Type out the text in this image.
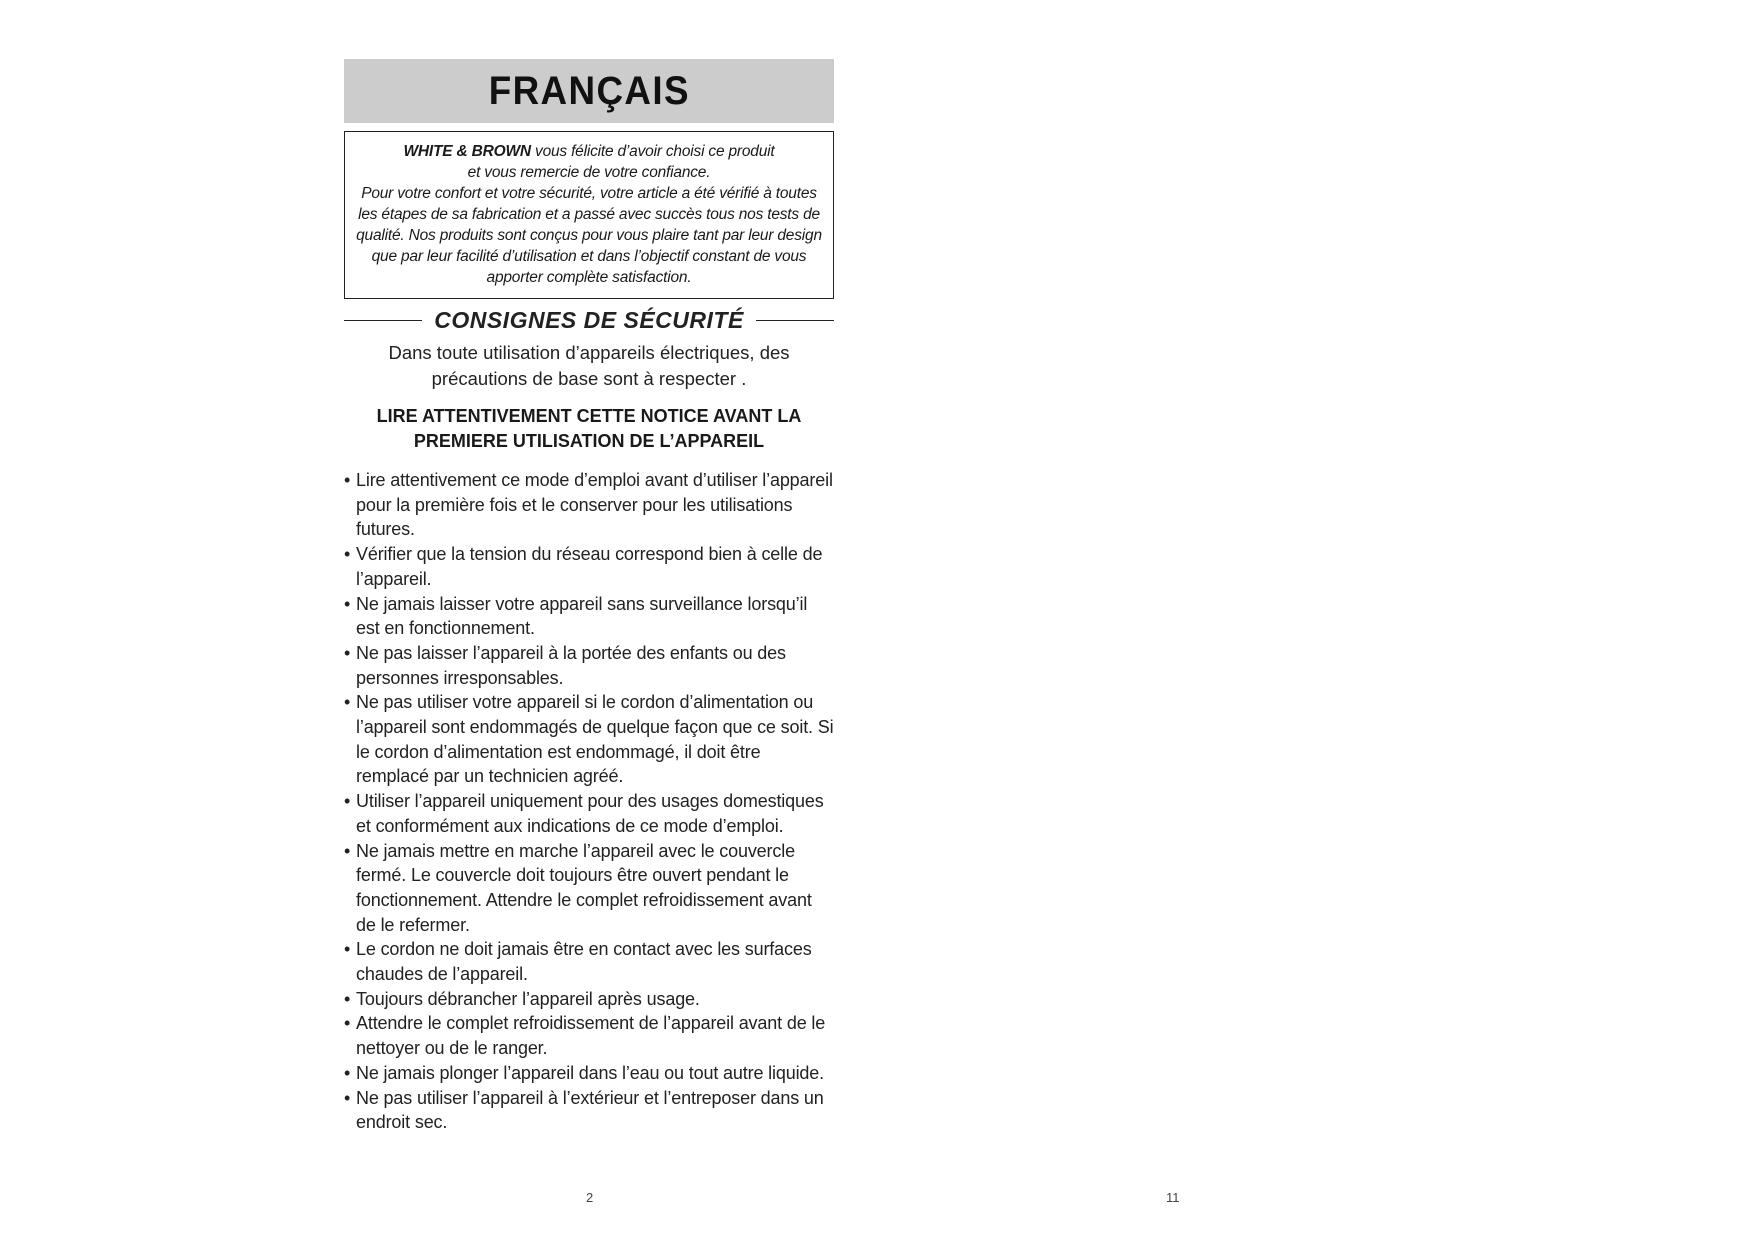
FRANÇAIS

WHITE & BROWN vous félicite d’avoir choisi ce produit

et vous remercie de votre confiance.

Pour votre confort et votre sécurité, votre article a été vérifié à toutes les étapes de sa fabrication et a passé avec succès tous nos tests de qualité. Nos produits sont conçus pour vous plaire tant par leur design que par leur facilité d’utilisation et dans l’objectif constant de vous apporter complète satisfaction.

CONSIGNES DE SÉCURITÉ

Dans toute utilisation d’appareils électriques, des précautions de base sont à respecter .

LIRE ATTENTIVEMENT CETTE NOTICE AVANT LA PREMIERE UTILISATION DE L’APPAREIL

• Lire attentivement ce mode d’emploi avant d’utiliser l’appareil pour la première fois et le conserver pour les utilisations futures.
• Vérifier que la tension du réseau correspond bien à celle de l’appareil.
• Ne jamais laisser votre appareil sans surveillance lorsqu’il est en fonctionnement.
• Ne pas laisser l’appareil à la portée des enfants ou des personnes irresponsables.
• Ne pas utiliser votre appareil si le cordon d’alimentation ou l’appareil sont endommagés de quelque façon que ce soit. Si le cordon d’alimentation est endommagé, il doit être remplacé par un technicien agréé.
• Utiliser l’appareil uniquement pour des usages domestiques et conformément aux indications de ce mode d’emploi.
• Ne jamais mettre en marche l’appareil avec le couvercle fermé. Le couvercle doit toujours être ouvert pendant le fonctionnement. Attendre le complet refroidissement avant de le refermer.
• Le cordon ne doit jamais être en contact avec les surfaces chaudes de l’appareil.
• Toujours débrancher l’appareil après usage.
• Attendre le complet refroidissement de l’appareil avant de le nettoyer ou de le ranger.
• Ne jamais plonger l’appareil dans l’eau ou tout autre liquide.
• Ne pas utiliser l’appareil à l’extérieur et l’entreposer dans un endroit sec.
2	11
